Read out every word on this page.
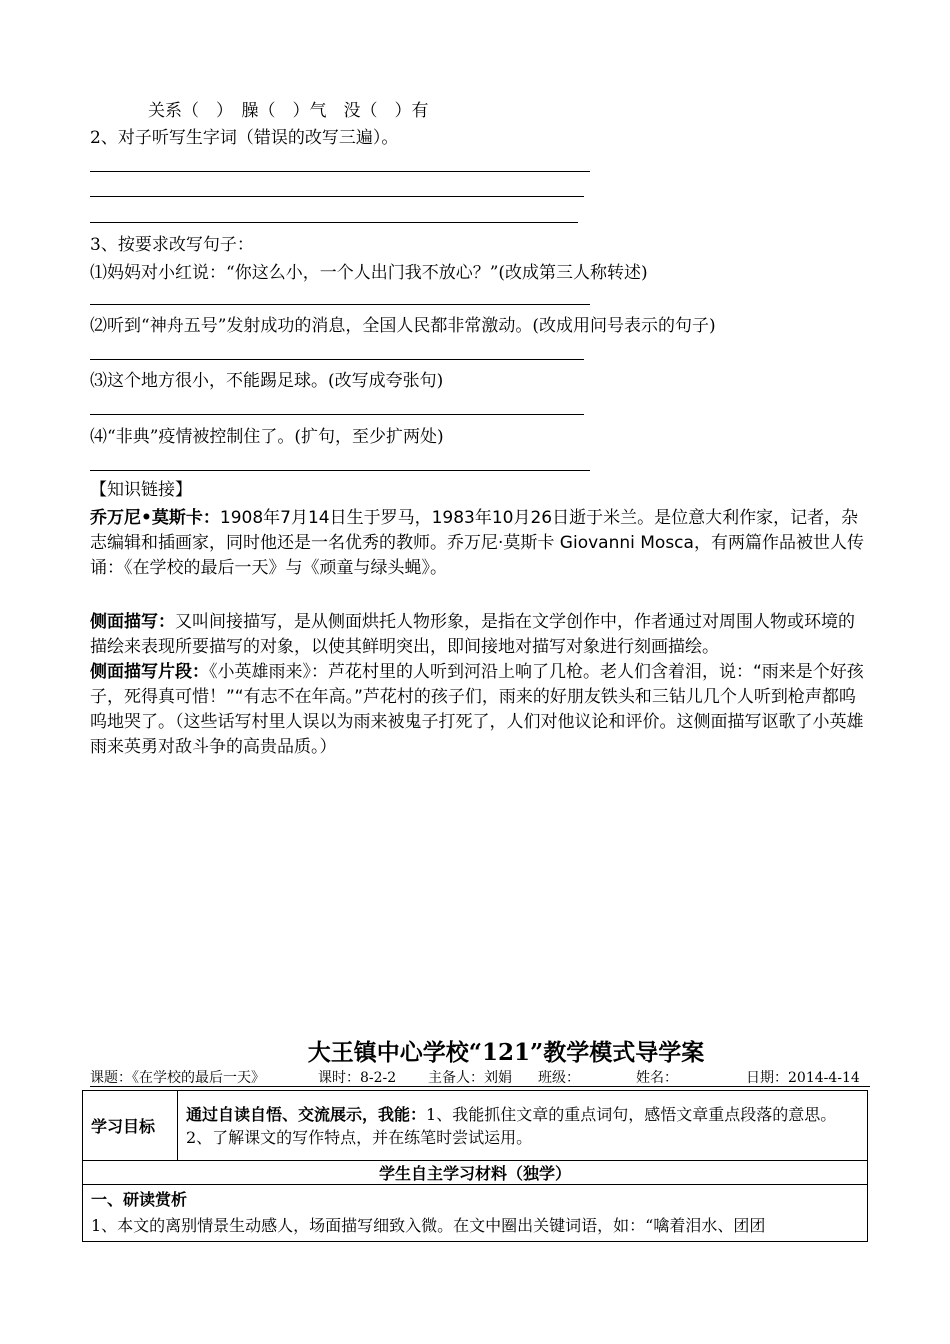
关系（　）　臊（　）气　没（　）有
2、对子听写生字词（错误的改写三遍）。
3、按要求改写句子：
⑴妈妈对小红说：“你这么小，一个人出门我不放心？”(改成第三人称转述)
⑵听到“神舟五号”发射成功的消息，全国人民都非常激动。(改成用问号表示的句子)
⑶这个地方很小，不能踢足球。(改写成夸张句)
⑷“非典”疫情被控制住了。(扩句，至少扩两处)
【知识链接】
乔万尼•莫斯卡：1908年7月14日生于罗马，1983年10月26日逝于米兰。是位意大利作家，记者，杂志编辑和插画家，同时他还是一名优秀的教师。乔万尼·莫斯卡 Giovanni Mosca，有两篇作品被世人传诵：《在学校的最后一天》与《顽童与绿头蝇》。
侧面描写：又叫间接描写，是从侧面烘托人物形象，是指在文学创作中，作者通过对周围人物或环境的描绘来表现所要描写的对象，以使其鲜明突出，即间接地对描写对象进行刻画描绘。
侧面描写片段：《小英雄雨来》：芦花村里的人听到河沿上响了几枪。老人们含着泪，说：“雨来是个好孩子，死得真可惜！”“有志不在年高。”芦花村的孩子们，雨来的好朋友铁头和三钻儿几个人听到枪声都呜呜地哭了。（这些话写村里人误以为雨来被鬼子打死了，人们对他议论和评价。这侧面描写讴歌了小英雄雨来英勇对敌斗争的高贵品质。）
大王镇中心学校“121”教学模式导学案
课题：《在学校的最后一天》	课时：8-2-2 主备人：刘娟 班级：	姓名：	日期：2014-4-14
学习目标	通过自读自悟、交流展示，我能：1、我能抓住文章的重点词句，感悟文章重点段落的意思。 2、了解课文的写作特点，并在练笔时尝试运用。
学生自主学习材料（独学）

一、研读赏析
1、本文的离别情景生动感人，场面描写细致入微。在文中圈出关键词语，如：“噙着泪水、团团
